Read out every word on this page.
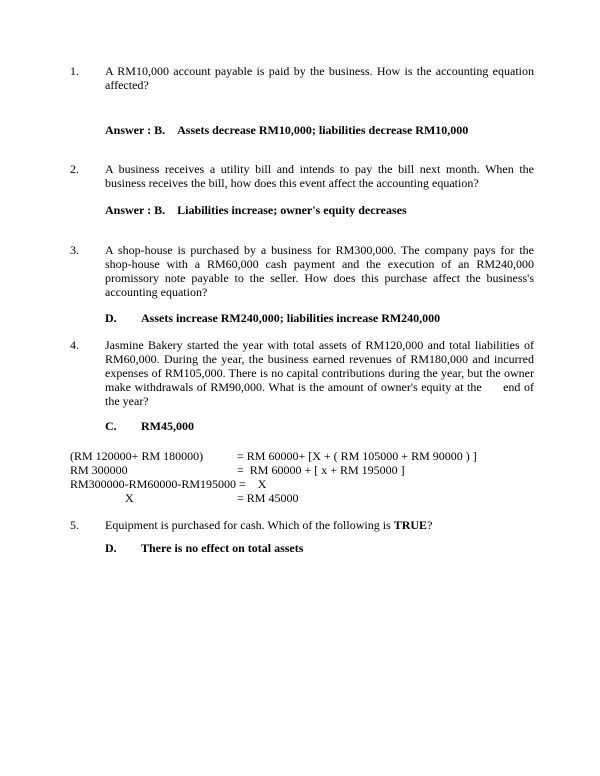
1.	A RM10,000 account payable is paid by the business. How is the accounting equation affected?

Answer : B. Assets decrease RM10,000; liabilities decrease RM10,000
2.	A business receives a utility bill and intends to pay the bill next month. When the business receives the bill, how does this event affect the accounting equation?

Answer : B. Liabilities increase; owner's equity decreases
3.	A shop-house is purchased by a business for RM300,000. The company pays for the shop-house with a RM60,000 cash payment and the execution of an RM240,000 promissory note payable to the seller. How does this purchase affect the business's accounting equation?

D.	Assets increase RM240,000; liabilities increase RM240,000
4.	Jasmine Bakery started the year with total assets of RM120,000 and total liabilities of RM60,000. During the year, the business earned revenues of RM180,000 and incurred expenses of RM105,000. There is no capital contributions during the year, but the owner make withdrawals of RM90,000. What is the amount of owner's equity at the      end of the year?

C.	RM45,000
(RM 120000+ RM 180000)	= RM 60000+ [X + ( RM 105000 + RM 90000 ) ]
RM 300000	=  RM 60000 + [ x + RM 195000 ]
RM300000-RM60000-RM195000 =	X
X	= RM 45000
5.	Equipment is purchased for cash. Which of the following is TRUE?

D.	There is no effect on total assets
